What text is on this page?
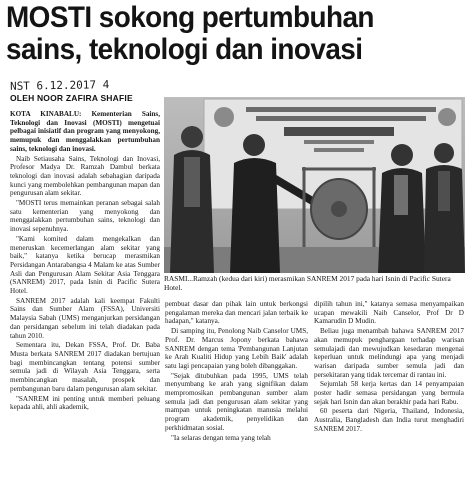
MOSTI sokong pertumbuhan
sains, teknologi dan inovasi
NST 6.12.2017 4
OLEH NOOR ZAFIRA SHAFIE

KOTA KINABALU: Kementerian Sains, Teknologi dan Inovasi (MOSTI) mengetuai pelbagai inisiatif dan program yang menyokong, memupuk dan menggalakkan pertumbuhan sains, teknologi dan inovasi.

Naib Setiausaha Sains, Teknologi dan Inovasi, Profesor Madya Dr. Ramzah Dambul berkata teknologi dan inovasi adalah sebahagian daripada kunci yang membolehkan pembangunan mapan dan pengurusan alam sekitar.

"MOSTI terus memainkan peranan sebagai salah satu kementerian yang menyokong dan menggalakkan pertumbuhan sains, teknologi dan inovasi sepenuhnya.

"Kami komited dalam mengekalkan dan meneruskan kecemerlangan alam sekitar yang baik," katanya ketika berucap merasmikan Persidangan Antarabangsa 4 Malam ke atas Sumber Asli dan Pengurusan Alam Sekitar Asia Tenggara (SANREM) 2017, pada Isnin di Pacific Sutera Hotel.

SANREM 2017 adalah kali keempat Fakulti Sains dan Sumber Alam (FSSA), Universiti Malaysia Sabah (UMS) menganjurkan persidangan dan persidangan sebelum ini telah diadakan pada tahun 2010.

Sementara itu, Dekan FSSA, Prof. Dr. Baba Musta berkata SANREM 2017 diadakan bertujuan bagi membincangkan tentang potensi sumber semula jadi di Wilayah Asia Tenggara, serta membincangkan masalah, prospek dan pembangunan baru dalam pengurusan alam sekitar.

"SANREM ini penting untuk memberi peluang kepada ahli, ahli akademik,

RASMI...Ramzah (kedua dari kiri) merasmikan SANREM 2017 pada hari Isnin di Pacific Sutera Hotel.

pembuat dasar dan pihak lain untuk berkongsi pengalaman mereka dan mencari jalan terbaik ke hadapan," katanya.

Di samping itu, Penolong Naib Canselor UMS, Prof. Dr. Marcus Jopony berkata bahawa SANREM dengan tema 'Pembangunan Lanjutan ke Arah Kualiti Hidup yang Lebih Baik' adalah satu lagi pencapaian yang boleh dibanggakan.

"Sejak ditubuhkan pada 1995, UMS telah menyumbang ke arah yang signifikan dalam mempromosikan pembangunan sumber alam semula jadi dan pengurusan alam sekitar yang mampan untuk peningkatan manusia melalui program akademik, penyelidikan dan perkhidmatan sosial.

"Ia selaras dengan tema yang telah

dipilih tahun ini," katanya semasa menyampaikan ucapan mewakili Naib Canselor, Prof Dr D Kamarudin D Mudin.

Beliau juga menambah bahawa SANREM 2017 akan memupuk penghargaan terhadap warisan semulajadi dan mewujudkan kesedaran mengenai keperluan untuk melindungi apa yang menjadi warisan daripada sumber semula jadi dan persekitaran yang tidak tercemar di rantau ini.

Sejumlah 58 kerja kertas dan 14 penyampaian poster hadir semasa persidangan yang bermula sejak hari Isnin dan akan berakhir pada hari Rabu.

60 peserta dari Nigeria, Thailand, Indonesia, Australia, Bangladesh dan India turut menghadiri SANREM 2017.
